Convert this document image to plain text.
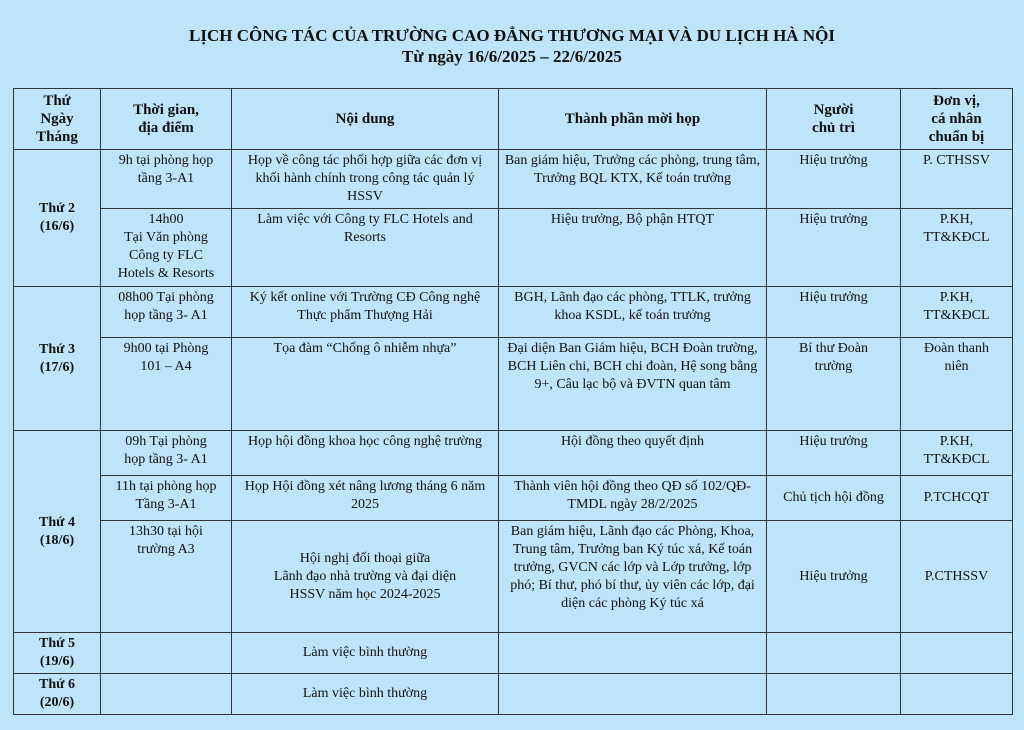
LỊCH CÔNG TÁC CỦA TRƯỜNG CAO ĐẲNG THƯƠNG MẠI VÀ DU LỊCH HÀ NỘI
Từ ngày 16/6/2025 – 22/6/2025
Thứ
Ngày
Tháng	Thời gian,
địa điểm	Nội dung	Thành phần mời họp	Người
chủ trì	Đơn vị,
cá nhân
chuẩn bị

Thứ 2
(16/6)	9h tại phòng họp
tầng 3-A1	Họp về công tác phối hợp giữa các đơn vị khối hành chính trong công tác quản lý HSSV	Ban giám hiệu, Trưởng các phòng, trung tâm, Trưởng BQL KTX, Kế toán trưởng	Hiệu trưởng	P. CTHSSV

	14h00
Tại Văn phòng
Công ty FLC
Hotels & Resorts	Làm việc với Công ty FLC Hotels and Resorts	Hiệu trưởng, Bộ phận HTQT	Hiệu trưởng	P.KH,
TT&KĐCL

Thứ 3
(17/6)	08h00 Tại phòng
họp tầng 3- A1	Ký kết online với Trường CĐ Công nghệ Thực phẩm Thượng Hải	BGH, Lãnh đạo các phòng, TTLK, trưởng khoa KSDL, kế toán trưởng	Hiệu trưởng	P.KH,
TT&KĐCL

	9h00 tại Phòng
101 – A4	Tọa đàm “Chống ô nhiễm nhựa”	Đại diện Ban Giám hiệu, BCH Đoàn trường, BCH Liên chi, BCH chi đoàn, Hệ song bằng 9+, Câu lạc bộ và ĐVTN quan tâm	Bí thư Đoàn
trường	Đoàn thanh
niên

Thứ 4
(18/6)	09h Tại phòng
họp tầng 3- A1	Họp hội đồng khoa học công nghệ trường	Hội đồng theo quyết định	Hiệu trưởng	P.KH,
TT&KĐCL

	11h tại phòng họp
Tầng 3-A1	Họp Hội đồng xét nâng lương tháng 6 năm 2025	Thành viên hội đồng theo QĐ số 102/QĐ-TMDL ngày 28/2/2025	Chủ tịch hội đồng	P.TCHCQT

	13h30 tại hội
trường A3	Hội nghị đối thoại giữa
Lãnh đạo nhà trường và đại diện
HSSV năm học 2024-2025	Ban giám hiệu, Lãnh đạo các Phòng, Khoa, Trung tâm, Trưởng ban Ký túc xá, Kế toán trưởng, GVCN các lớp và Lớp trưởng, lớp phó; Bí thư, phó bí thư, ủy viên các lớp, đại diện các phòng Ký túc xá	Hiệu trưởng	P.CTHSSV

Thứ 5
(19/6)		Làm việc bình thường			

Thứ 6
(20/6)		Làm việc bình thường			
